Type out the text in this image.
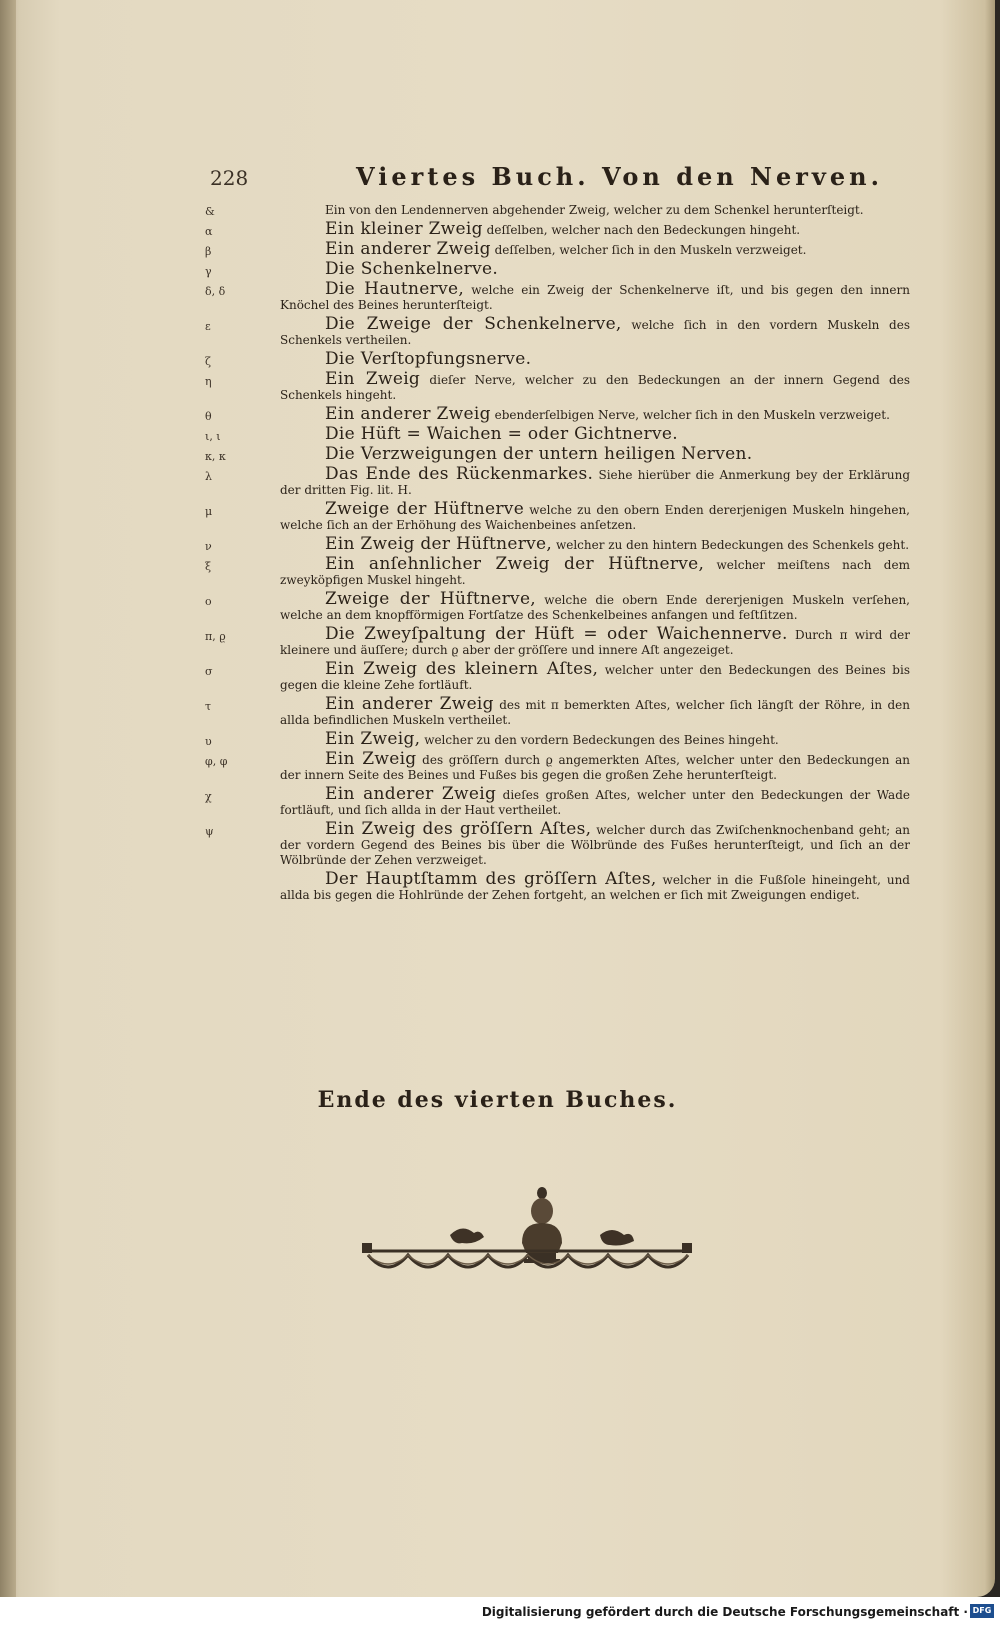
228	Viertes Buch. Von den Nerven.
&	Ein von den Lendennerven abgehender Zweig, welcher zu dem Schenkel herunterſteigt.
α	Ein kleiner Zweig deſſelben, welcher nach den Bedeckungen hingeht.
β	Ein anderer Zweig deſſelben, welcher ſich in den Muskeln verzweiget.
γ	Die Schenkelnerve.
δ, δ	Die Hautnerve, welche ein Zweig der Schenkelnerve iſt, und bis gegen den innern Knöchel des Beines herunterſteigt.
ε	Die Zweige der Schenkelnerve, welche ſich in den vordern Muskeln des Schenkels vertheilen.
ζ	Die Verſtopfungsnerve.
η	Ein Zweig dieſer Nerve, welcher zu den Bedeckungen an der innern Gegend des Schenkels hingeht.
θ	Ein anderer Zweig ebenderſelbigen Nerve, welcher ſich in den Muskeln verzweiget.
ι, ι	Die Hüft = Waichen = oder Gichtnerve.
κ, κ	Die Verzweigungen der untern heiligen Nerven.
λ	Das Ende des Rückenmarkes. Siehe hierüber die Anmerkung bey der Erklärung der dritten Fig. lit. H.
μ	Zweige der Hüftnerve welche zu den obern Enden dererjenigen Muskeln hingehen, welche ſich an der Erhöhung des Waichenbeines anſetzen.
ν	Ein Zweig der Hüftnerve, welcher zu den hintern Bedeckungen des Schenkels geht.
ξ	Ein anſehnlicher Zweig der Hüftnerve, welcher meiſtens nach dem zweyköpfigen Muskel hingeht.
ο	Zweige der Hüftnerve, welche die obern Ende dererjenigen Muskeln verſehen, welche an dem knopfförmigen Fortſatze des Schenkelbeines anfangen und feſtſitzen.
π, ϱ	Die Zweyſpaltung der Hüft = oder Waichennerve. Durch π wird der kleinere und äuſſere; durch ϱ aber der gröſſere und innere Aſt angezeiget.
σ	Ein Zweig des kleinern Aſtes, welcher unter den Bedeckungen des Beines bis gegen die kleine Zehe fortläuft.
τ	Ein anderer Zweig des mit π bemerkten Aſtes, welcher ſich längſt der Röhre, in den allda befindlichen Muskeln vertheilet.
υ	Ein Zweig, welcher zu den vordern Bedeckungen des Beines hingeht.
φ, φ	Ein Zweig des gröſſern durch ϱ angemerkten Aſtes, welcher unter den Bedeckungen an der innern Seite des Beines und Fußes bis gegen die großen Zehe herunterſteigt.
χ	Ein anderer Zweig dieſes großen Aſtes, welcher unter den Bedeckungen der Wade fortläuft, und ſich allda in der Haut vertheilet.
ψ	Ein Zweig des gröſſern Aſtes, welcher durch das Zwiſchenknochenband geht; an der vordern Gegend des Beines bis über die Wölbründe des Fußes herunterſteigt, und ſich an der Wölbründe der Zehen verzweiget.
Der Hauptſtamm des gröſſern Aſtes, welcher in die Fußſole hineingeht, und allda bis gegen die Hohlründe der Zehen fortgeht, an welchen er ſich mit Zweigungen endiget.
Ende des vierten Buches.
Digitalisierung gefördert durch die Deutsche Forschungsgemeinschaft · DFG
